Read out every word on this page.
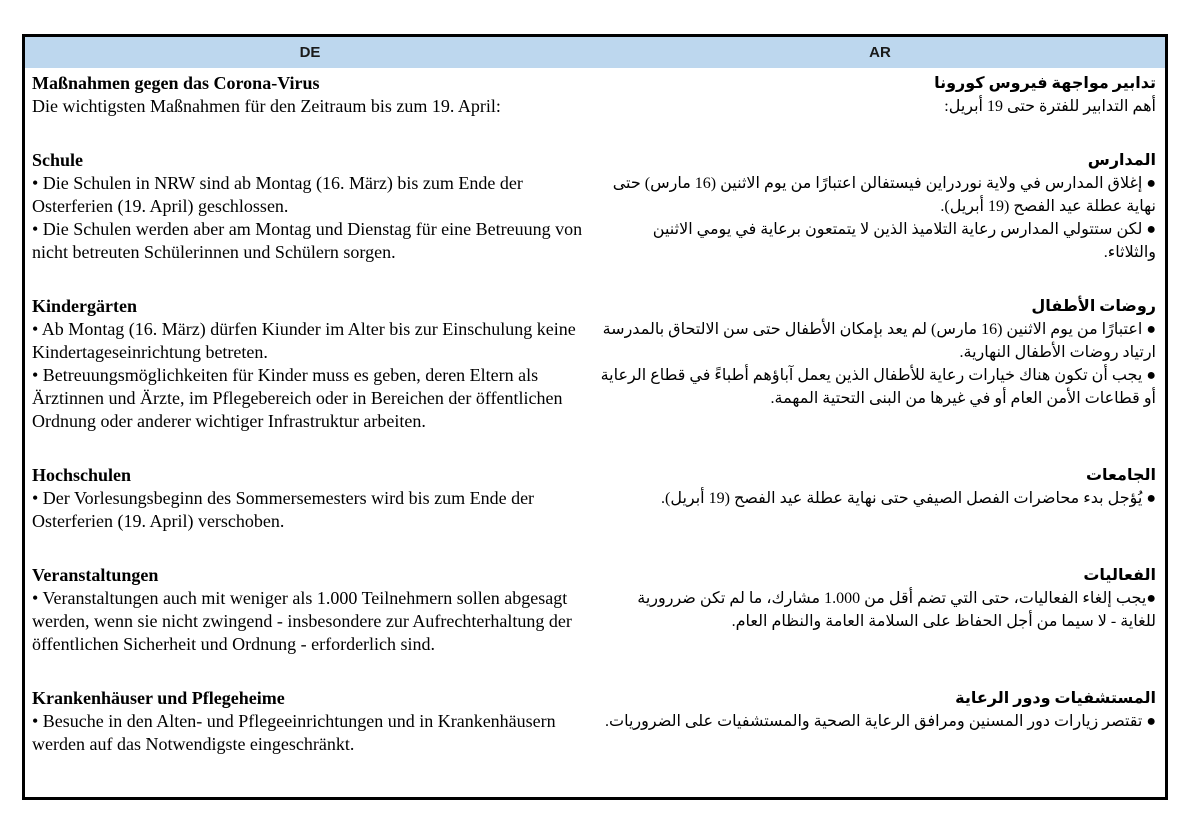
DE	AR
Maßnahmen gegen das Corona-Virus

Die wichtigsten Maßnahmen für den Zeitraum bis zum 19. April:

تدابير مواجهة فيروس كورونا

أهم التدابير للفترة حتى 19 أبريل:

Schule

• Die Schulen in NRW sind ab Montag (16. März) bis zum Ende der Osterferien (19. April) geschlossen.

• Die Schulen werden aber am Montag und Dienstag für eine Betreuung von nicht betreuten Schülerinnen und Schülern sorgen.

المدارس

● إغلاق المدارس في ولاية نوردراين فيستفالن اعتبارًا من يوم الاثنين (16 مارس) حتى نهاية عطلة عيد الفصح (19 أبريل).

● لكن ستتولي المدارس رعاية التلاميذ الذين لا يتمتعون برعاية في يومي الاثنين والثلاثاء.

Kindergärten

• Ab Montag (16. März) dürfen Kiunder im Alter bis zur Einschulung keine Kindertageseinrichtung betreten.

• Betreuungsmöglichkeiten für Kinder muss es geben, deren Eltern als Ärztinnen und Ärzte, im Pflegebereich oder in Bereichen der öffentlichen Ordnung oder anderer wichtiger Infrastruktur arbeiten.

روضات الأطفال

● اعتبارًا من يوم الاثنين (16 مارس) لم يعد بإمكان الأطفال حتى سن الالتحاق بالمدرسة ارتياد روضات الأطفال النهارية.

● يجب أن تكون هناك خيارات رعاية للأطفال الذين يعمل آباؤهم أطباءً في قطاع الرعاية أو قطاعات الأمن العام أو في غيرها من البنى التحتية المهمة.

Hochschulen

• Der Vorlesungsbeginn des Sommersemesters wird bis zum Ende der Osterferien (19. April) verschoben.

الجامعات

● يُؤجل بدء محاضرات الفصل الصيفي حتى نهاية عطلة عيد الفصح (19 أبريل).

Veranstaltungen

• Veranstaltungen auch mit weniger als 1.000 Teilnehmern sollen abgesagt werden, wenn sie nicht zwingend - insbesondere zur Aufrechterhaltung der öffentlichen Sicherheit und Ordnung - erforderlich sind.

الفعاليات

●يجب إلغاء الفعاليات، حتى التي تضم أقل من 1.000 مشارك، ما لم تكن ضررورية للغاية - لا سيما من أجل الحفاظ على السلامة العامة والنظام العام.

Krankenhäuser und Pflegeheime

• Besuche in den Alten- und Pflegeeinrichtungen und in Krankenhäusern werden auf das Notwendigste eingeschränkt.

المستشفيات ودور الرعاية

● تقتصر زيارات دور المسنين ومرافق الرعاية الصحية والمستشفيات على الضروريات.
